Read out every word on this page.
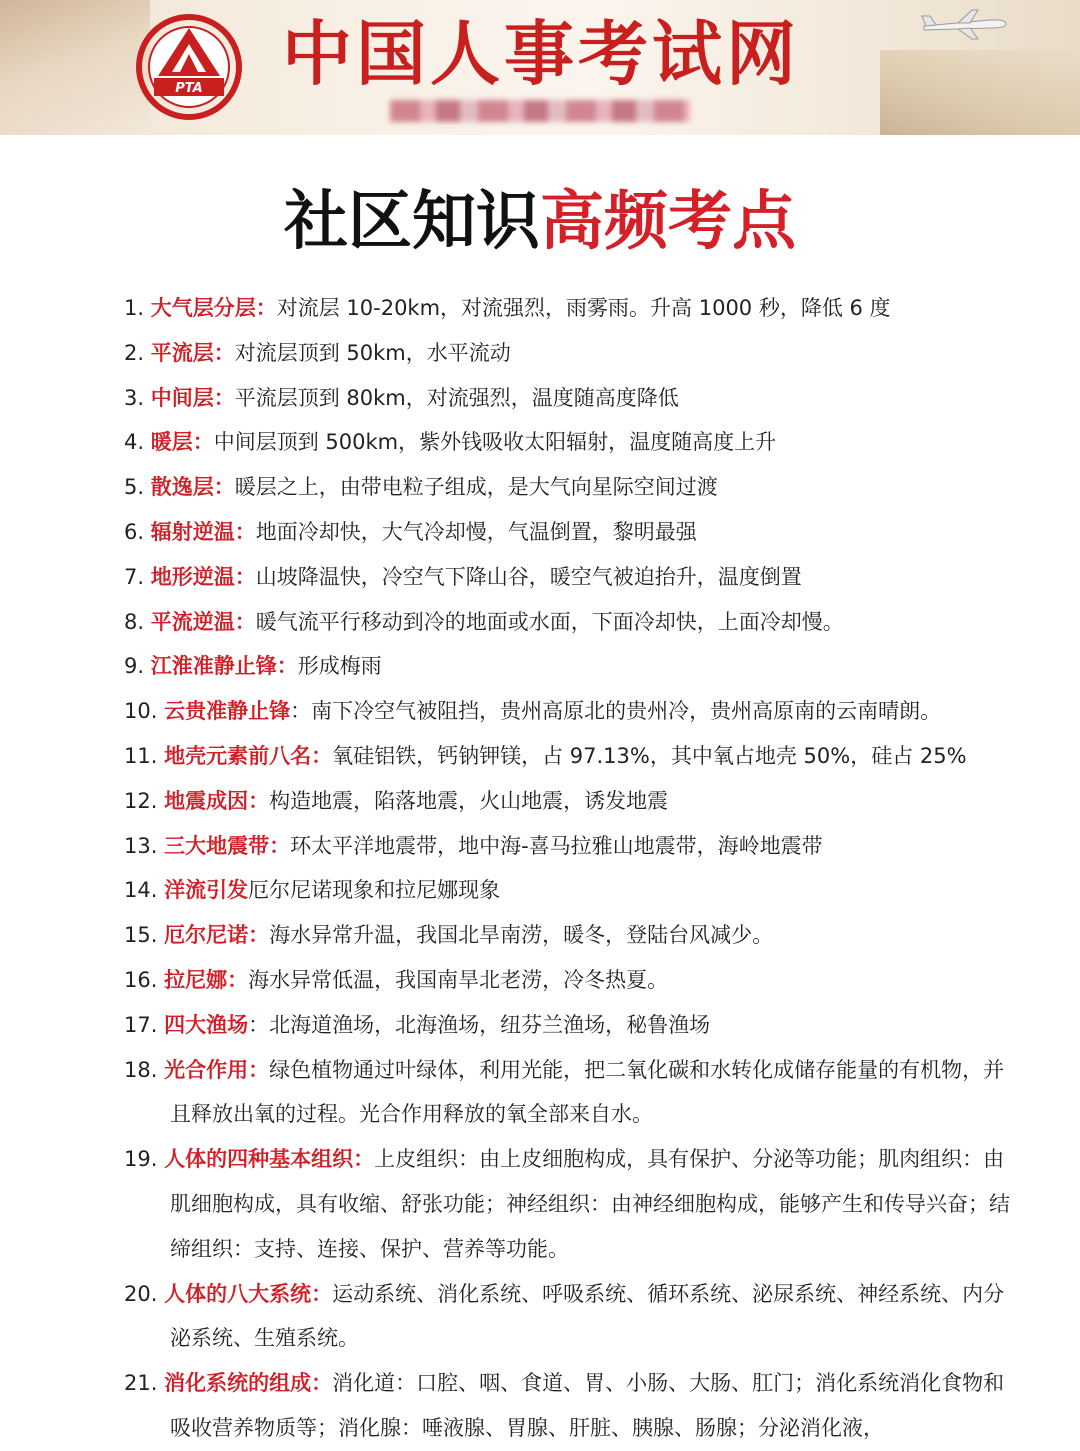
PTA 中国人事考试网
社区知识高频考点
1. 大气层分层：对流层 10-20km，对流强烈，雨雾雨。升高 1000 秒，降低 6 度
2. 平流层：对流层顶到 50km，水平流动
3. 中间层：平流层顶到 80km，对流强烈，温度随高度降低
4. 暖层：中间层顶到 500km，紫外钱吸收太阳辐射，温度随高度上升
5. 散逸层：暖层之上，由带电粒子组成，是大气向星际空间过渡
6. 辐射逆温：地面冷却快，大气冷却慢，气温倒置，黎明最强
7. 地形逆温：山坡降温快，冷空气下降山谷，暖空气被迫抬升，温度倒置
8. 平流逆温：暖气流平行移动到冷的地面或水面，下面冷却快，上面冷却慢。
9. 江淮准静止锋：形成梅雨
10. 云贵准静止锋：南下冷空气被阻挡，贵州高原北的贵州冷，贵州高原南的云南晴朗。
11. 地壳元素前八名：氧硅铝铁，钙钠钾镁，占 97.13%，其中氧占地壳 50%，硅占 25%
12. 地震成因：构造地震，陷落地震，火山地震，诱发地震
13. 三大地震带：环太平洋地震带，地中海-喜马拉雅山地震带，海岭地震带
14. 洋流引发厄尔尼诺现象和拉尼娜现象
15. 厄尔尼诺：海水异常升温，我国北旱南涝，暖冬，登陆台风减少。
16. 拉尼娜：海水异常低温，我国南旱北老涝，冷冬热夏。
17. 四大渔场：北海道渔场，北海渔场，纽芬兰渔场，秘鲁渔场
18. 光合作用：绿色植物通过叶绿体，利用光能，把二氧化碳和水转化成储存能量的有机物，并且释放出氧的过程。光合作用释放的氧全部来自水。
19. 人体的四种基本组织：上皮组织：由上皮细胞构成，具有保护、分泌等功能；肌肉组织：由肌细胞构成，具有收缩、舒张功能；神经组织：由神经细胞构成，能够产生和传导兴奋；结缔组织：支持、连接、保护、营养等功能。
20. 人体的八大系统：运动系统、消化系统、呼吸系统、循环系统、泌尿系统、神经系统、内分泌系统、生殖系统。
21. 消化系统的组成：消化道：口腔、咽、食道、胃、小肠、大肠、肛门；消化系统消化食物和吸收营养物质等；消化腺：唾液腺、胃腺、肝脏、胰腺、肠腺；分泌消化液，
